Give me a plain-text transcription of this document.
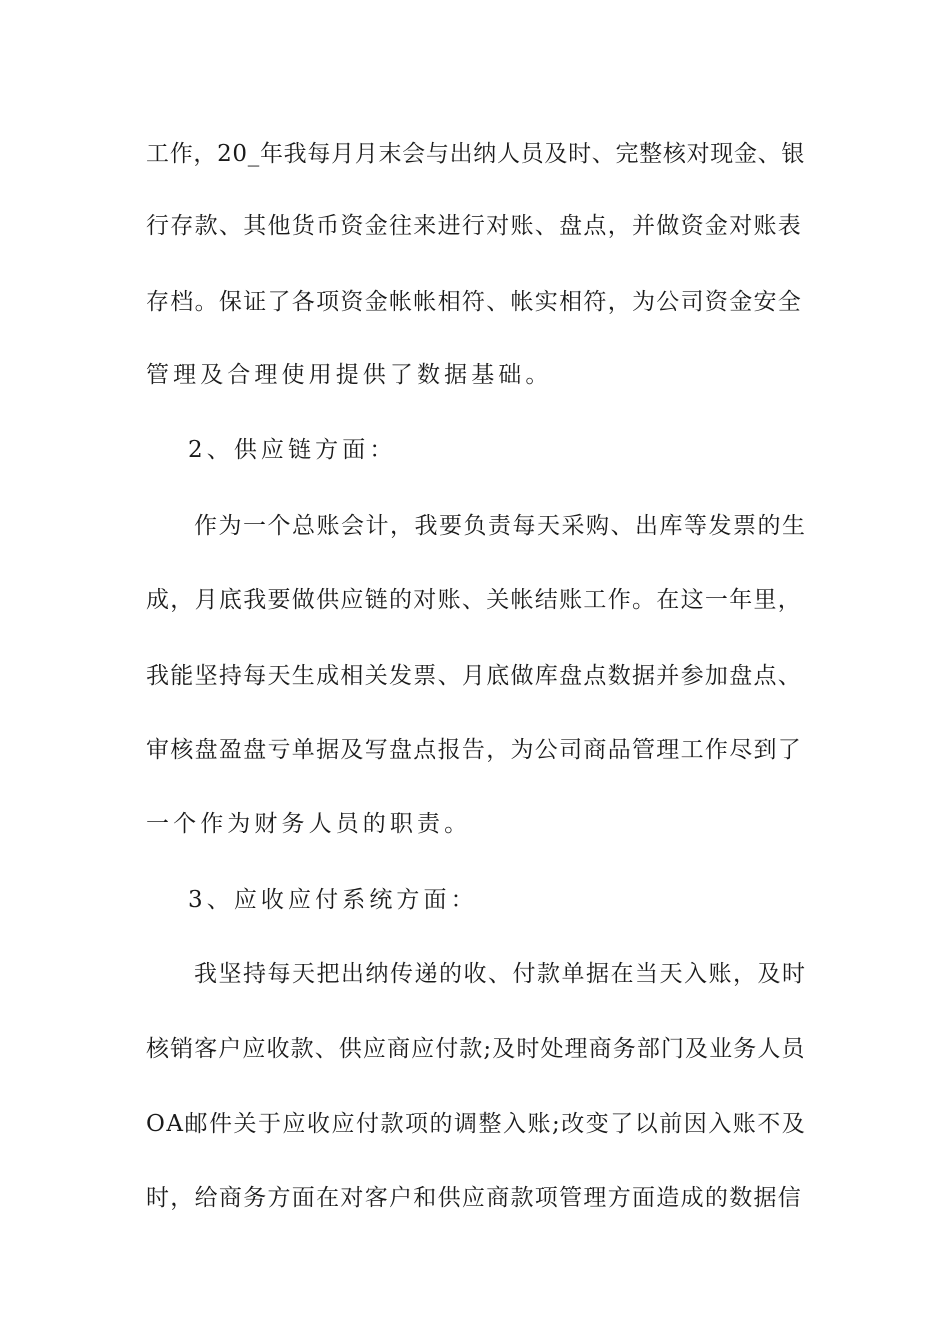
工作，20_年我每月月末会与出纳人员及时、完整核对现金、银
行存款、其他货币资金往来进行对账、盘点，并做资金对账表
存档。保证了各项资金帐帐相符、帐实相符，为公司资金安全
管理及合理使用提供了数据基础。
2、供应链方面：
作为一个总账会计，我要负责每天采购、出库等发票的生
成，月底我要做供应链的对账、关帐结账工作。在这一年里，
我能坚持每天生成相关发票、月底做库盘点数据并参加盘点、
审核盘盈盘亏单据及写盘点报告，为公司商品管理工作尽到了
一个作为财务人员的职责。
3、应收应付系统方面：
我坚持每天把出纳传递的收、付款单据在当天入账，及时
核销客户应收款、供应商应付款;及时处理商务部门及业务人员
OA邮件关于应收应付款项的调整入账;改变了以前因入账不及
时，给商务方面在对客户和供应商款项管理方面造成的数据信
